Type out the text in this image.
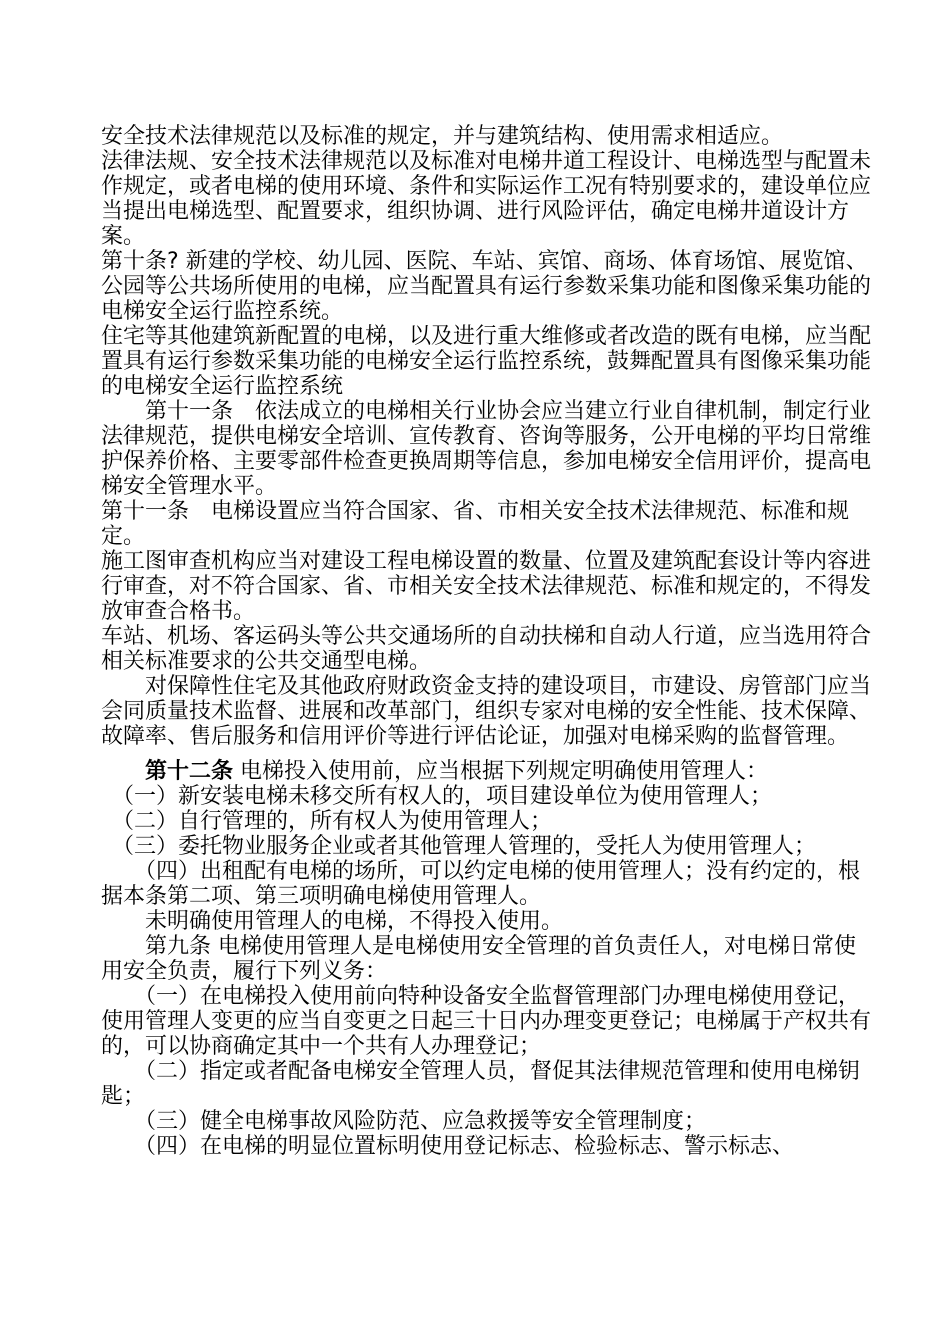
安全技术法律规范以及标准的规定，并与建筑结构、使用需求相适应。

法律法规、安全技术法律规范以及标准对电梯井道工程设计、电梯选型与配置未作规定，或者电梯的使用环境、条件和实际运作工况有特别要求的，建设单位应当提出电梯选型、配置要求，组织协调、进行风险评估，确定电梯井道设计方案。

第十条? 新建的学校、幼儿园、医院、车站、宾馆、商场、体育场馆、展览馆、公园等公共场所使用的电梯，应当配置具有运行参数采集功能和图像采集功能的电梯安全运行监控系统。

住宅等其他建筑新配置的电梯，以及进行重大维修或者改造的既有电梯，应当配置具有运行参数采集功能的电梯安全运行监控系统，鼓舞配置具有图像采集功能的电梯安全运行监控系统

　　第十一条　依法成立的电梯相关行业协会应当建立行业自律机制，制定行业法律规范，提供电梯安全培训、宣传教育、咨询等服务，公开电梯的平均日常维护保养价格、主要零部件检查更换周期等信息，参加电梯安全信用评价，提高电梯安全管理水平。

第十一条　电梯设置应当符合国家、省、市相关安全技术法律规范、标准和规定。

施工图审查机构应当对建设工程电梯设置的数量、位置及建筑配套设计等内容进行审查，对不符合国家、省、市相关安全技术法律规范、标准和规定的，不得发放审查合格书。

车站、机场、客运码头等公共交通场所的自动扶梯和自动人行道，应当选用符合相关标准要求的公共交通型电梯。

　　对保障性住宅及其他政府财政资金支持的建设项目，市建设、房管部门应当会同质量技术监督、进展和改革部门，组织专家对电梯的安全性能、技术保障、故障率、售后服务和信用评价等进行评估论证，加强对电梯采购的监督管理。

　　第十二条 电梯投入使用前，应当根据下列规定明确使用管理人：

　（一）新安装电梯未移交所有权人的，项目建设单位为使用管理人；

　（二）自行管理的，所有权人为使用管理人；

　（三）委托物业服务企业或者其他管理人管理的，受托人为使用管理人；

　　（四）出租配有电梯的场所，可以约定电梯的使用管理人；没有约定的，根据本条第二项、第三项明确电梯使用管理人。

　　未明确使用管理人的电梯，不得投入使用。

　　第九条 电梯使用管理人是电梯使用安全管理的首负责任人，对电梯日常使用安全负责，履行下列义务：

　　（一）在电梯投入使用前向特种设备安全监督管理部门办理电梯使用登记，使用管理人变更的应当自变更之日起三十日内办理变更登记；电梯属于产权共有的，可以协商确定其中一个共有人办理登记；

　　（二）指定或者配备电梯安全管理人员，督促其法律规范管理和使用电梯钥匙；

　　（三）健全电梯事故风险防范、应急救援等安全管理制度；

　　（四）在电梯的明显位置标明使用登记标志、检验标志、警示标志、
